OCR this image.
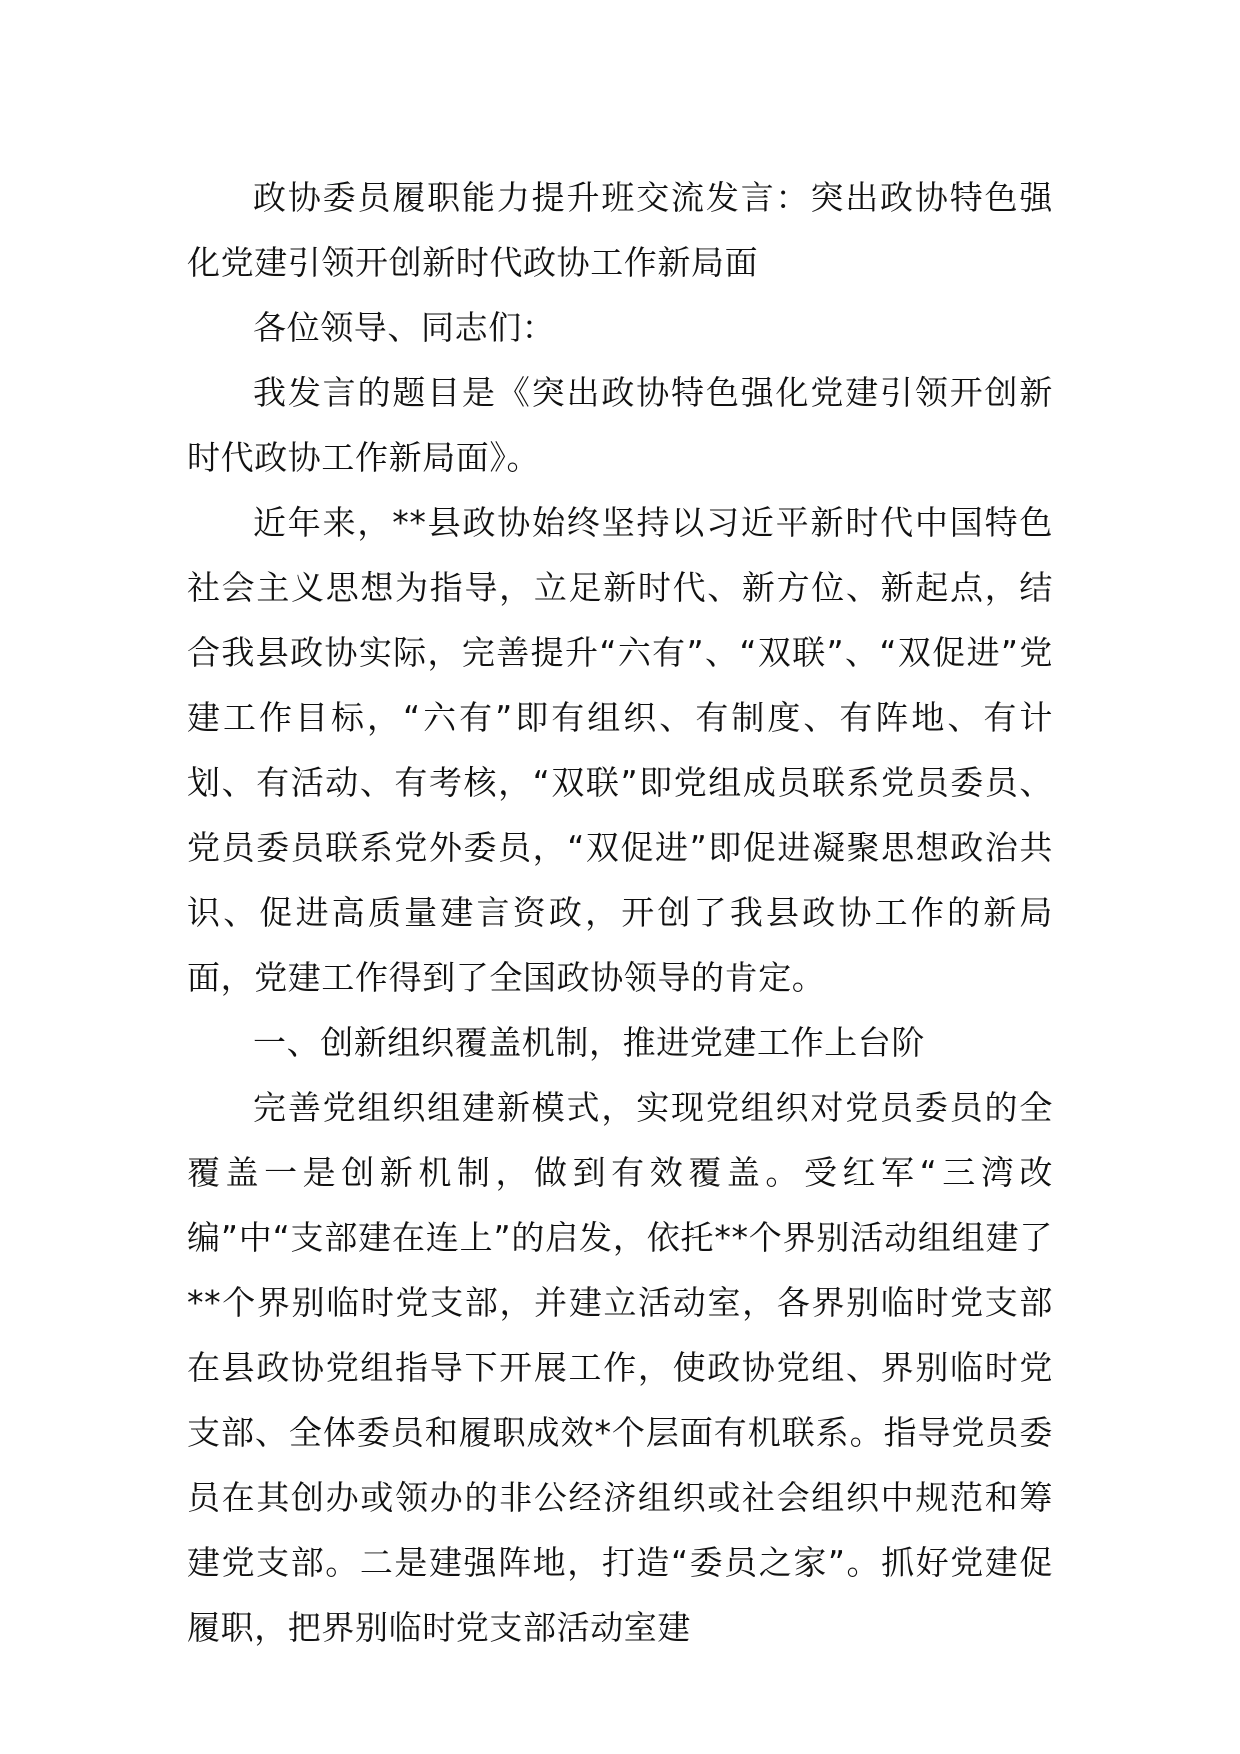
政协委员履职能力提升班交流发言：突出政协特色强化党建引领开创新时代政协工作新局面

各位领导、同志们：

我发言的题目是《突出政协特色强化党建引领开创新时代政协工作新局面》。

近年来，**县政协始终坚持以习近平新时代中国特色社会主义思想为指导，立足新时代、新方位、新起点，结合我县政协实际，完善提升“六有”、“双联”、“双促进”党建工作目标，“六有”即有组织、有制度、有阵地、有计划、有活动、有考核，“双联”即党组成员联系党员委员、党员委员联系党外委员，“双促进”即促进凝聚思想政治共识、促进高质量建言资政，开创了我县政协工作的新局面，党建工作得到了全国政协领导的肯定。

一、创新组织覆盖机制，推进党建工作上台阶

完善党组织组建新模式，实现党组织对党员委员的全覆盖一是创新机制，做到有效覆盖。受红军“三湾改编”中“支部建在连上”的启发，依托**个界别活动组组建了**个界别临时党支部，并建立活动室，各界别临时党支部在县政协党组指导下开展工作，使政协党组、界别临时党支部、全体委员和履职成效*个层面有机联系。指导党员委员在其创办或领办的非公经济组织或社会组织中规范和筹建党支部。二是建强阵地，打造“委员之家”。抓好党建促履职，把界别临时党支部活动室建
